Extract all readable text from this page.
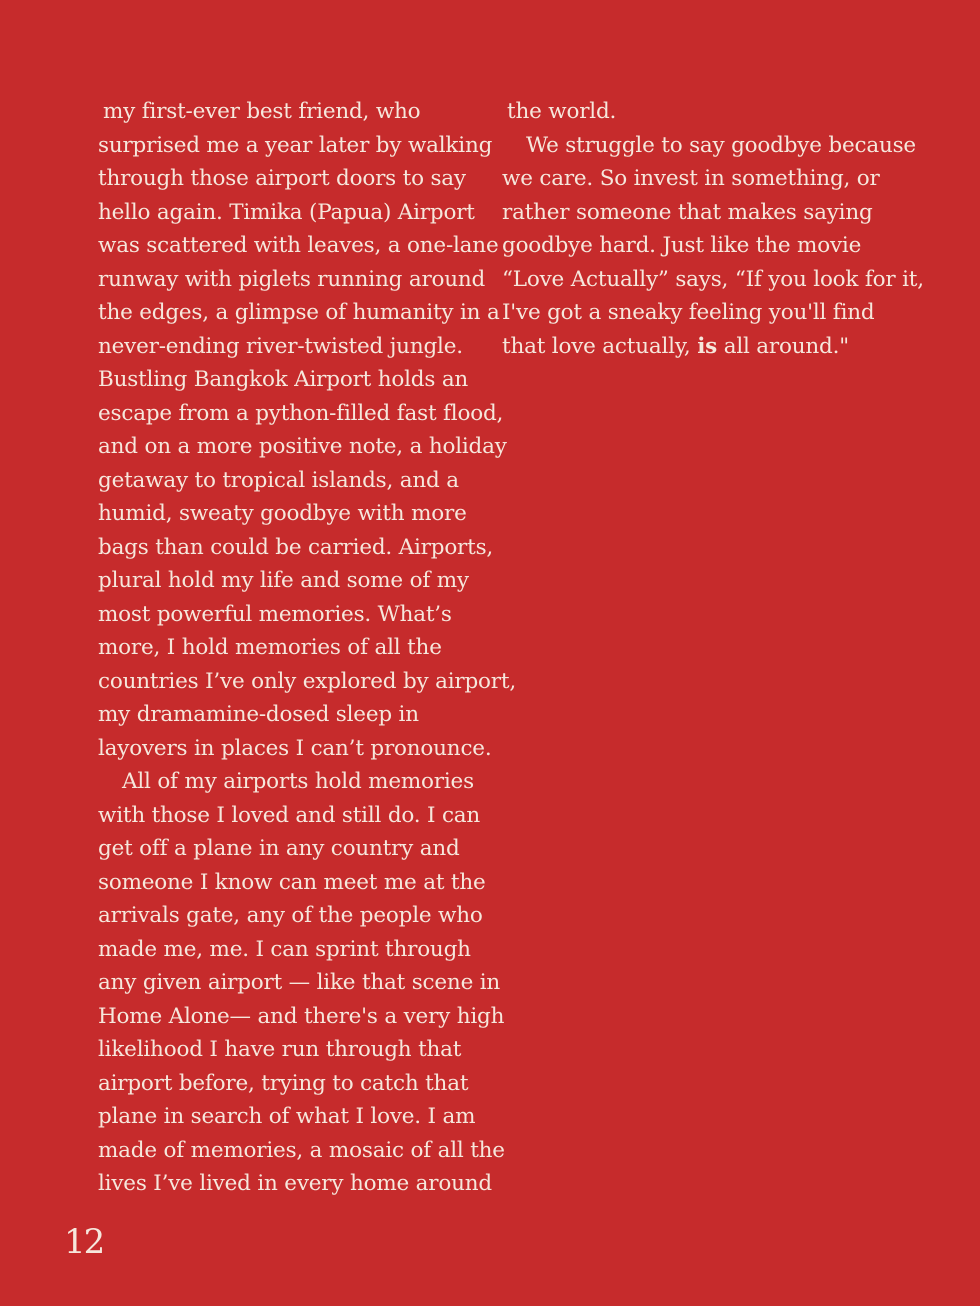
my first-ever best friend, who
surprised me a year later by walking
through those airport doors to say
hello again. Timika (Papua) Airport
was scattered with leaves, a one-lane
runway with piglets running around
the edges, a glimpse of humanity in a
never-ending river-twisted jungle.
Bustling Bangkok Airport holds an
escape from a python-filled fast flood,
and on a more positive note, a holiday
getaway to tropical islands, and a
humid, sweaty goodbye with more
bags than could be carried. Airports,
plural hold my life and some of my
most powerful memories. What’s
more, I hold memories of all the
countries I’ve only explored by airport,
my dramamine-dosed sleep in
layovers in places I can’t pronounce.
All of my airports hold memories
with those I loved and still do. I can
get off a plane in any country and
someone I know can meet me at the
arrivals gate, any of the people who
made me, me. I can sprint through
any given airport — like that scene in
Home Alone— and there's a very high
likelihood I have run through that
airport before, trying to catch that
plane in search of what I love. I am
made of memories, a mosaic of all the
lives I’ve lived in every home around
the world.
We struggle to say goodbye because
we care. So invest in something, or
rather someone that makes saying
goodbye hard. Just like the movie
“Love Actually” says, “If you look for it,
I've got a sneaky feeling you'll find
that love actually, is all around."
12
